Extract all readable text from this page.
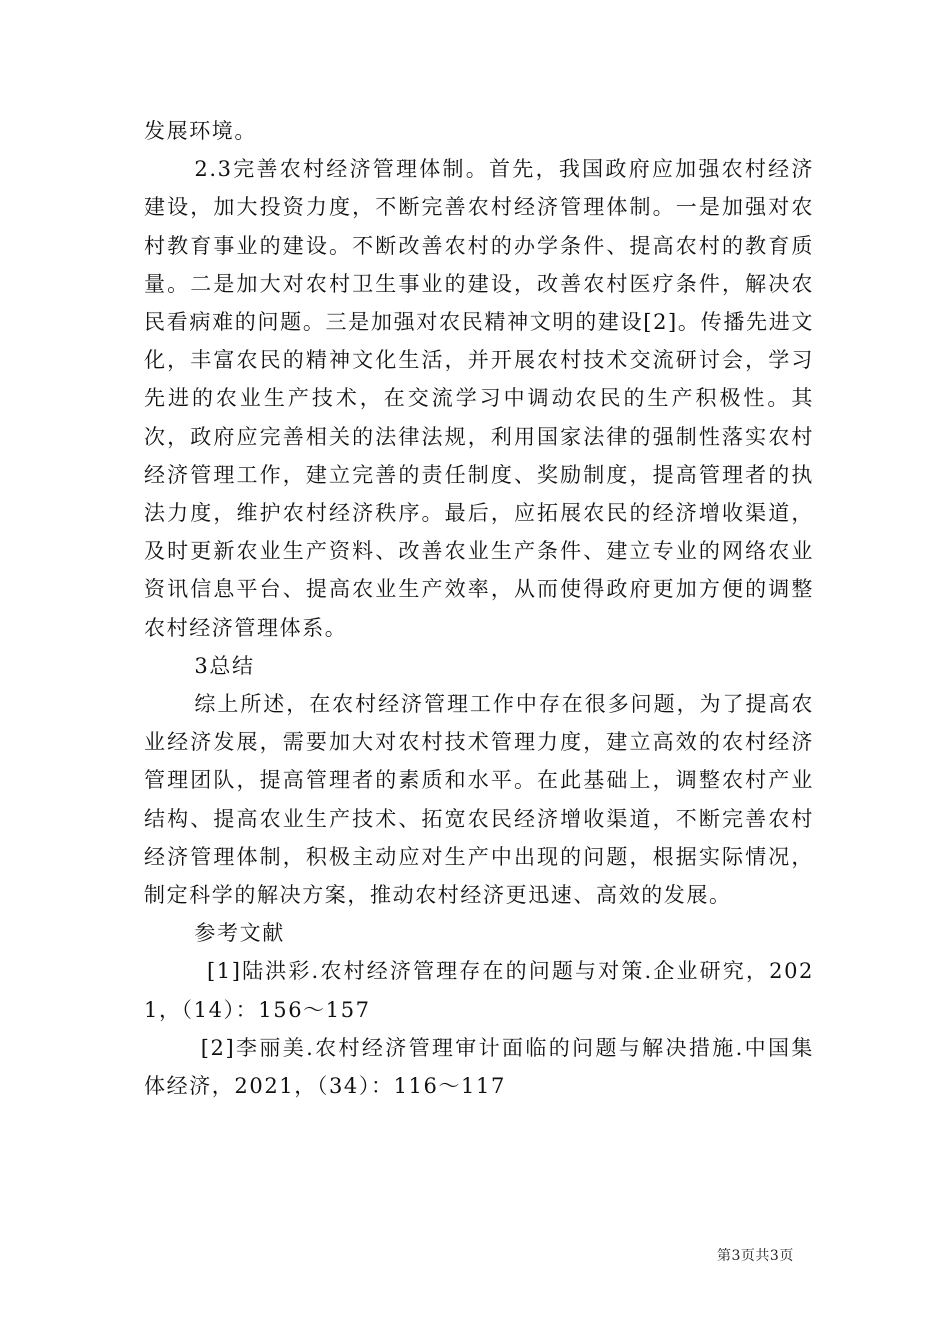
发展环境。

2.3完善农村经济管理体制。首先，我国政府应加强农村经济建设，加大投资力度，不断完善农村经济管理体制。一是加强对农村教育事业的建设。不断改善农村的办学条件、提高农村的教育质量。二是加大对农村卫生事业的建设，改善农村医疗条件，解决农民看病难的问题。三是加强对农民精神文明的建设[2]。传播先进文化，丰富农民的精神文化生活，并开展农村技术交流研讨会，学习先进的农业生产技术，在交流学习中调动农民的生产积极性。其次，政府应完善相关的法律法规，利用国家法律的强制性落实农村经济管理工作，建立完善的责任制度、奖励制度，提高管理者的执法力度，维护农村经济秩序。最后，应拓展农民的经济增收渠道，及时更新农业生产资料、改善农业生产条件、建立专业的网络农业资讯信息平台、提高农业生产效率，从而使得政府更加方便的调整农村经济管理体系。

3总结

综上所述，在农村经济管理工作中存在很多问题，为了提高农业经济发展，需要加大对农村技术管理力度，建立高效的农村经济管理团队，提高管理者的素质和水平。在此基础上，调整农村产业结构、提高农业生产技术、拓宽农民经济增收渠道，不断完善农村经济管理体制，积极主动应对生产中出现的问题，根据实际情况，制定科学的解决方案，推动农村经济更迅速、高效的发展。

参考文献

[1]陆洪彩.农村经济管理存在的问题与对策.企业研究，2021，（14）：156～157

[2]李丽美.农村经济管理审计面临的问题与解决措施.中国集体经济，2021，（34）：116～117

第3页共3页
